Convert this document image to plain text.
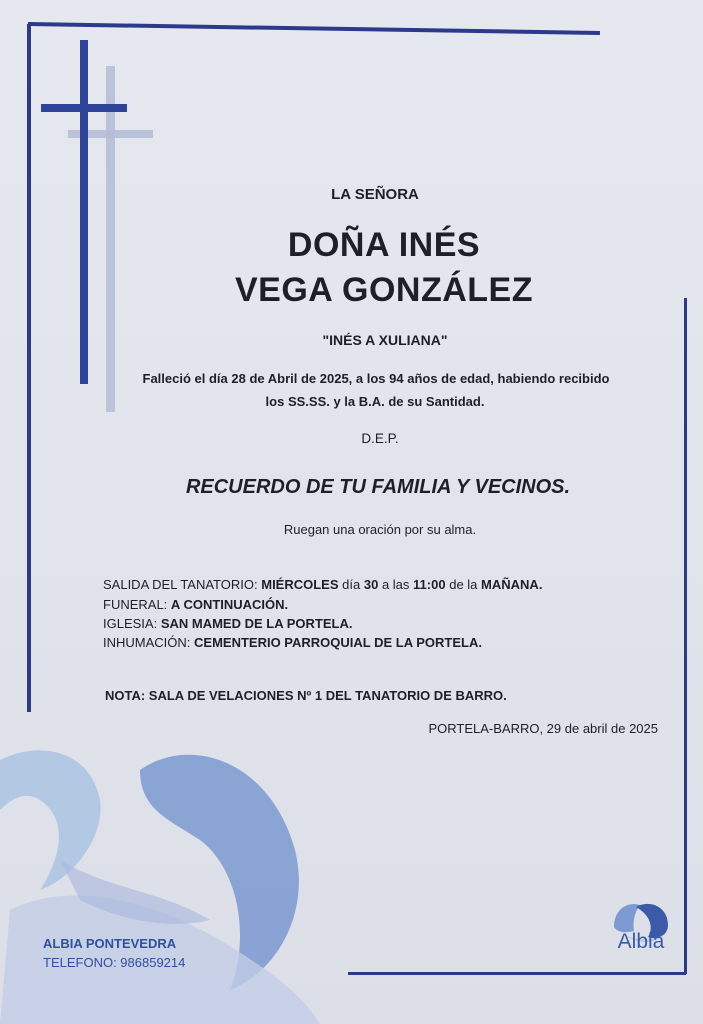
LA SEÑORA
DOÑA INÉS
VEGA GONZÁLEZ
"INÉS A XULIANA"
Falleció el día 28 de Abril de 2025, a los 94 años de edad, habiendo recibido
los SS.SS. y la B.A. de su Santidad.
D.E.P.
RECUERDO DE TU FAMILIA Y VECINOS.
Ruegan una oración por su alma.
SALIDA DEL TANATORIO: MIÉRCOLES día 30 a las 11:00 de la MAÑANA.
FUNERAL: A CONTINUACIÓN.
IGLESIA: SAN MAMED DE LA PORTELA.
INHUMACIÓN: CEMENTERIO PARROQUIAL DE LA PORTELA.
NOTA: SALA DE VELACIONES Nº 1 DEL TANATORIO DE BARRO.
PORTELA-BARRO, 29 de abril de 2025
ALBIA PONTEVEDRA
TELEFONO: 986859214
Albia
